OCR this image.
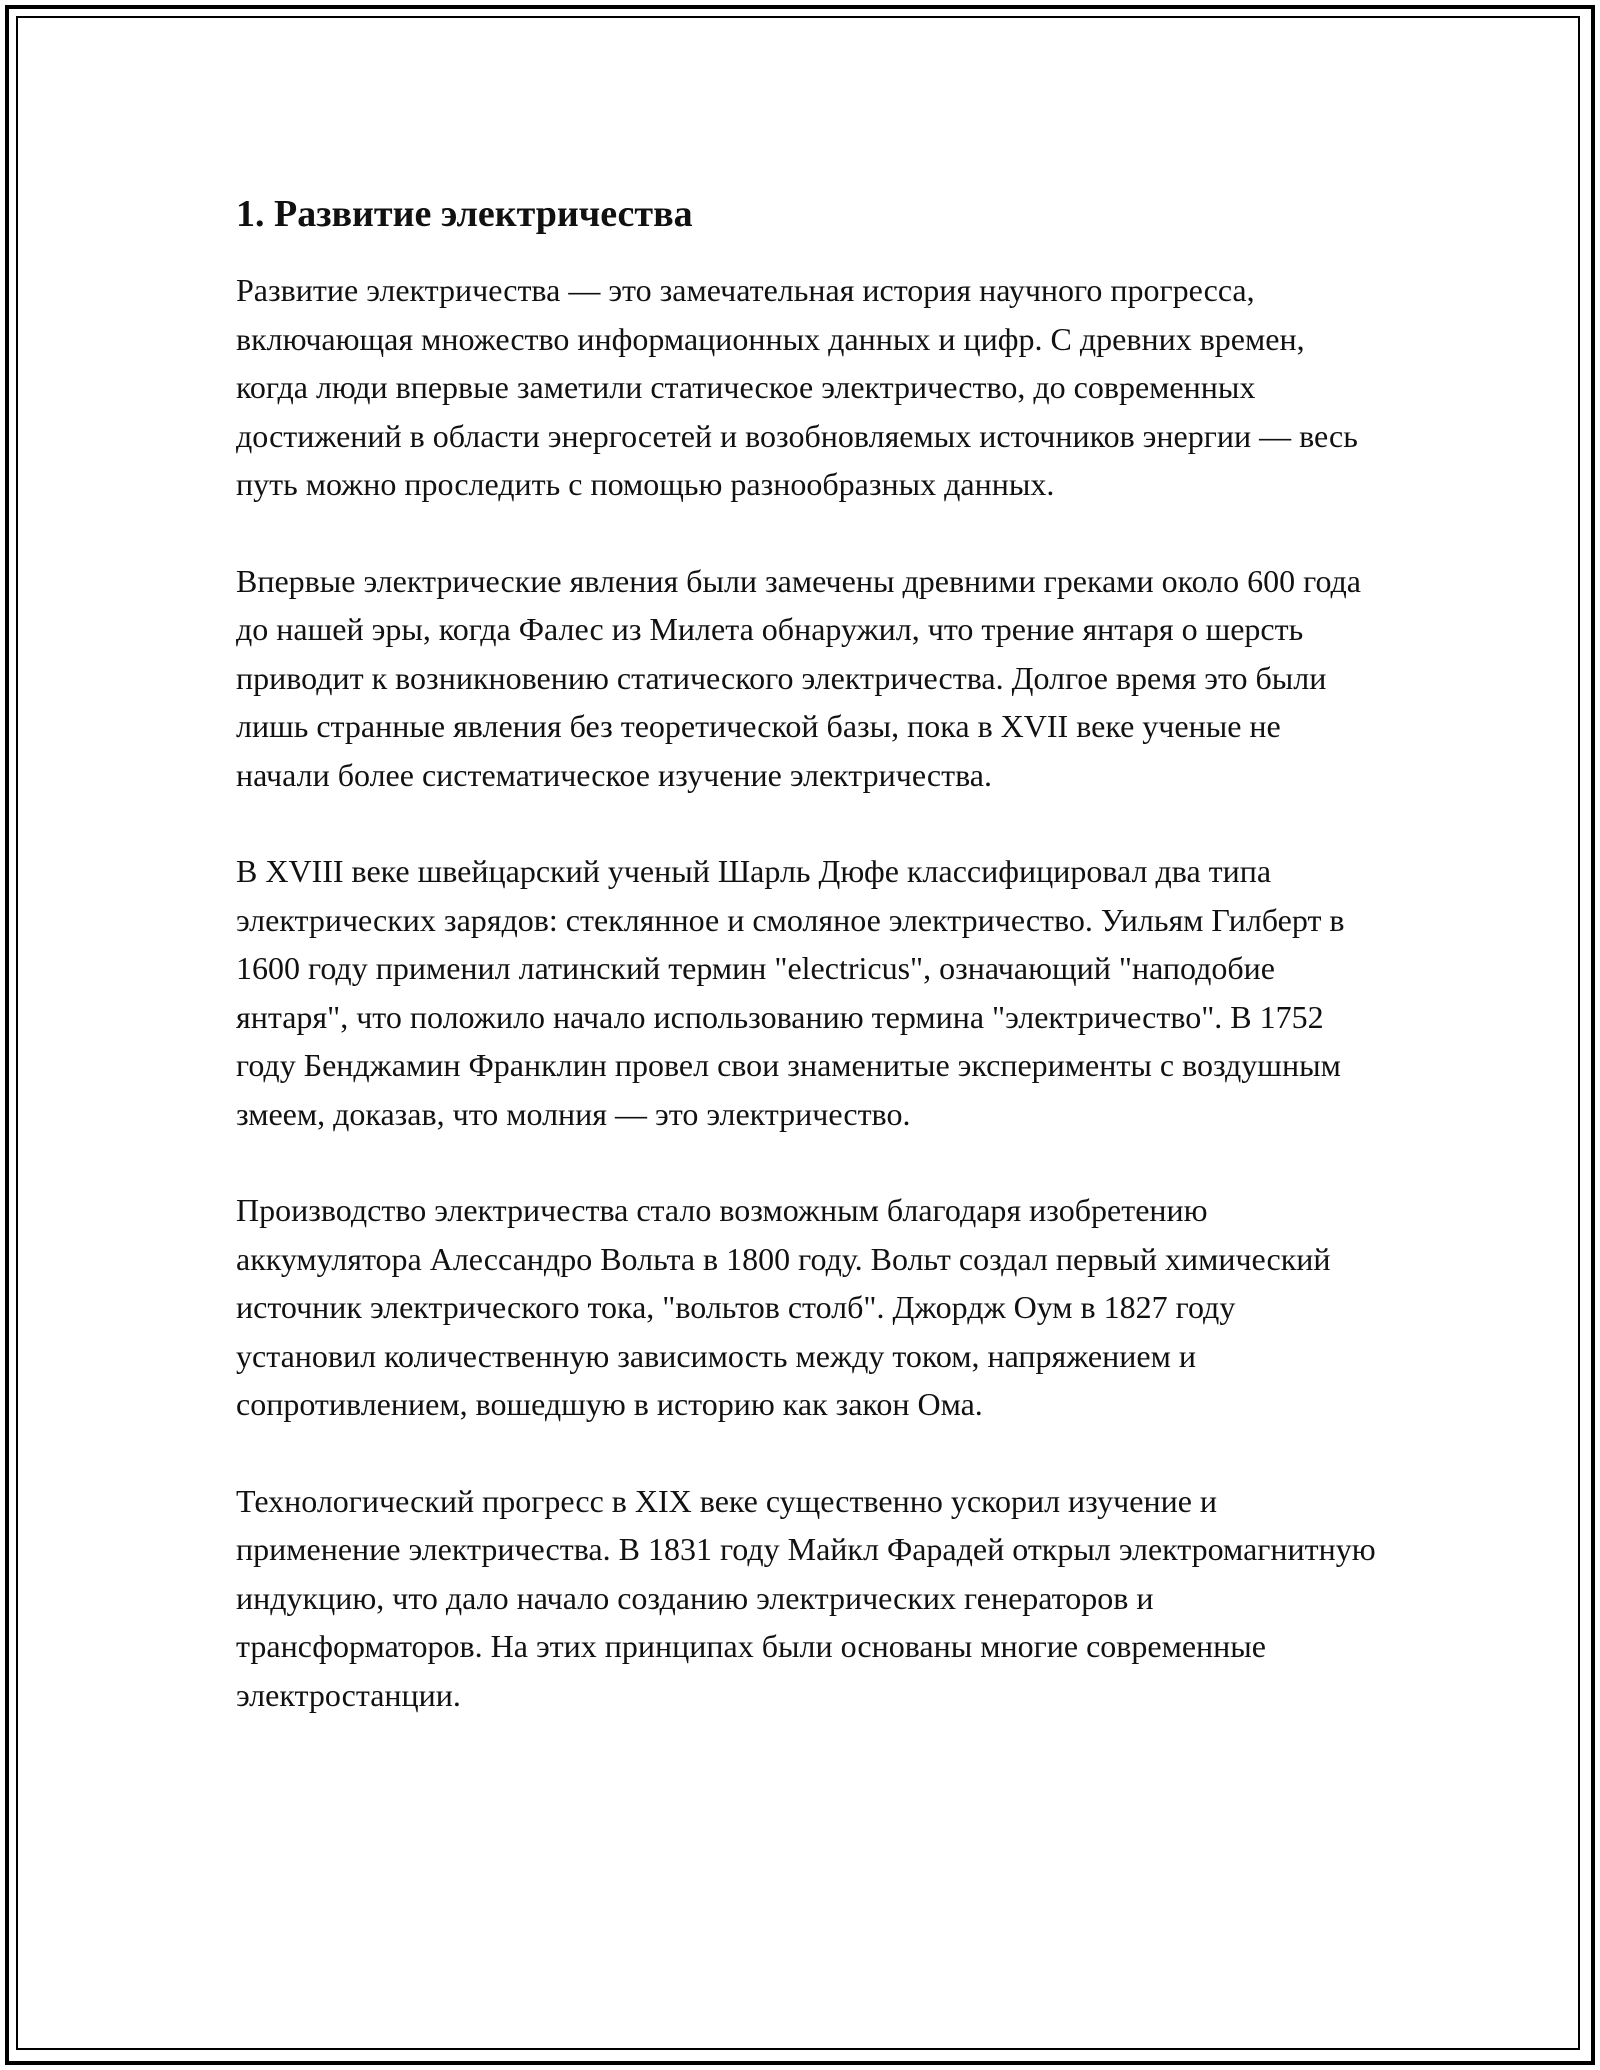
1. Развитие электричества

Развитие электричества — это замечательная история научного прогресса, включающая множество информационных данных и цифр. С древних времен, когда люди впервые заметили статическое электричество, до современных достижений в области энергосетей и возобновляемых источников энергии — весь путь можно проследить с помощью разнообразных данных.

Впервые электрические явления были замечены древними греками около 600 года до нашей эры, когда Фалес из Милета обнаружил, что трение янтаря о шерсть приводит к возникновению статического электричества. Долгое время это были лишь странные явления без теоретической базы, пока в XVII веке ученые не начали более систематическое изучение электричества.

В XVIII веке швейцарский ученый Шарль Дюфе классифицировал два типа электрических зарядов: стеклянное и смоляное электричество. Уильям Гилберт в 1600 году применил латинский термин "electricus", означающий "наподобие янтаря", что положило начало использованию термина "электричество". В 1752 году Бенджамин Франклин провел свои знаменитые эксперименты с воздушным змеем, доказав, что молния — это электричество.

Производство электричества стало возможным благодаря изобретению аккумулятора Алессандро Вольта в 1800 году. Вольт создал первый химический источник электрического тока, "вольтов столб". Джордж Оум в 1827 году установил количественную зависимость между током, напряжением и сопротивлением, вошедшую в историю как закон Ома.

Технологический прогресс в XIX веке существенно ускорил изучение и применение электричества. В 1831 году Майкл Фарадей открыл электромагнитную индукцию, что дало начало созданию электрических генераторов и трансформаторов. На этих принципах были основаны многие современные электростанции.
